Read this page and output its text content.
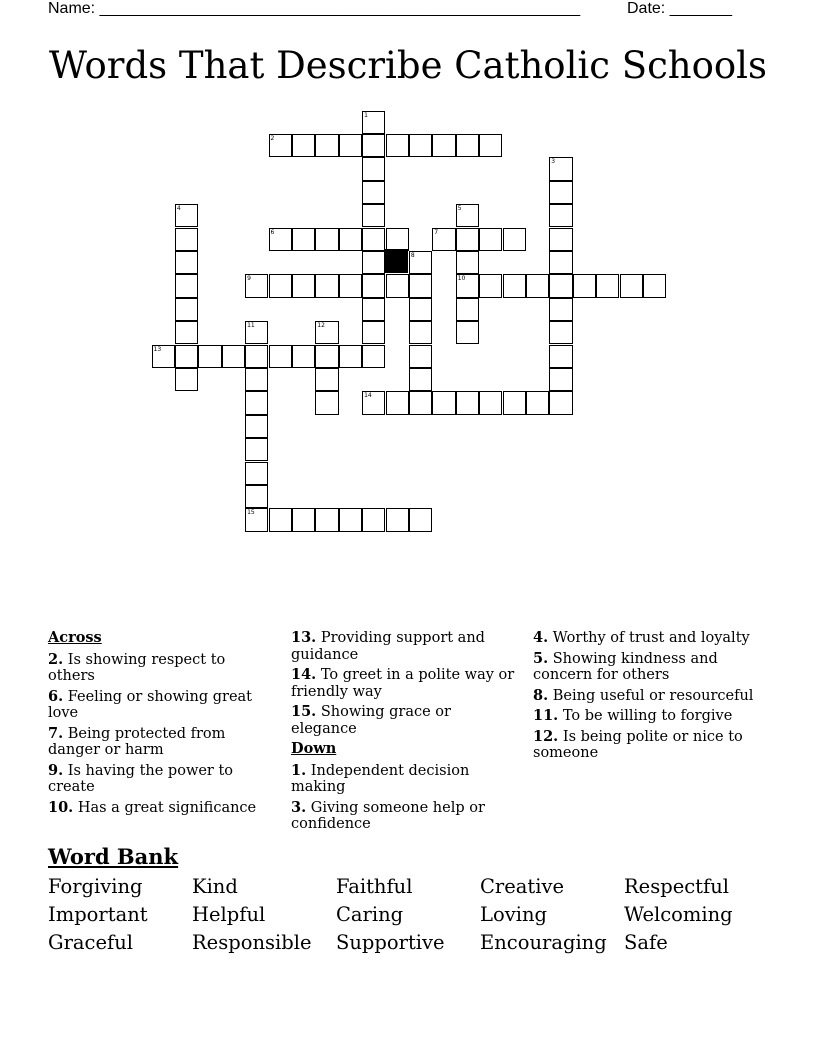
Name: ______________________________________________________	Date: _______
Words That Describe Catholic Schools
1
2
3
4	5
10
6	7
8
9
11
15
12
13
14
Across
2. Is showing respect to others
6. Feeling or showing great love
7. Being protected from danger or harm
9. Is having the power to create
10. Has a great significance
13. Providing support and guidance
14. To greet in a polite way or friendly way
15. Showing grace or elegance
Down
1. Independent decision making
3. Giving someone help or confidence
4. Worthy of trust and loyalty
5. Showing kindness and concern for others
8. Being useful or resourceful
11. To be willing to forgive
12. Is being polite or nice to someone
Word Bank
Forgiving	Kind	Faithful	Creative	Respectful
Important	Helpful	Caring	Loving	Welcoming
Graceful	Responsible	Supportive	Encouraging Safe
